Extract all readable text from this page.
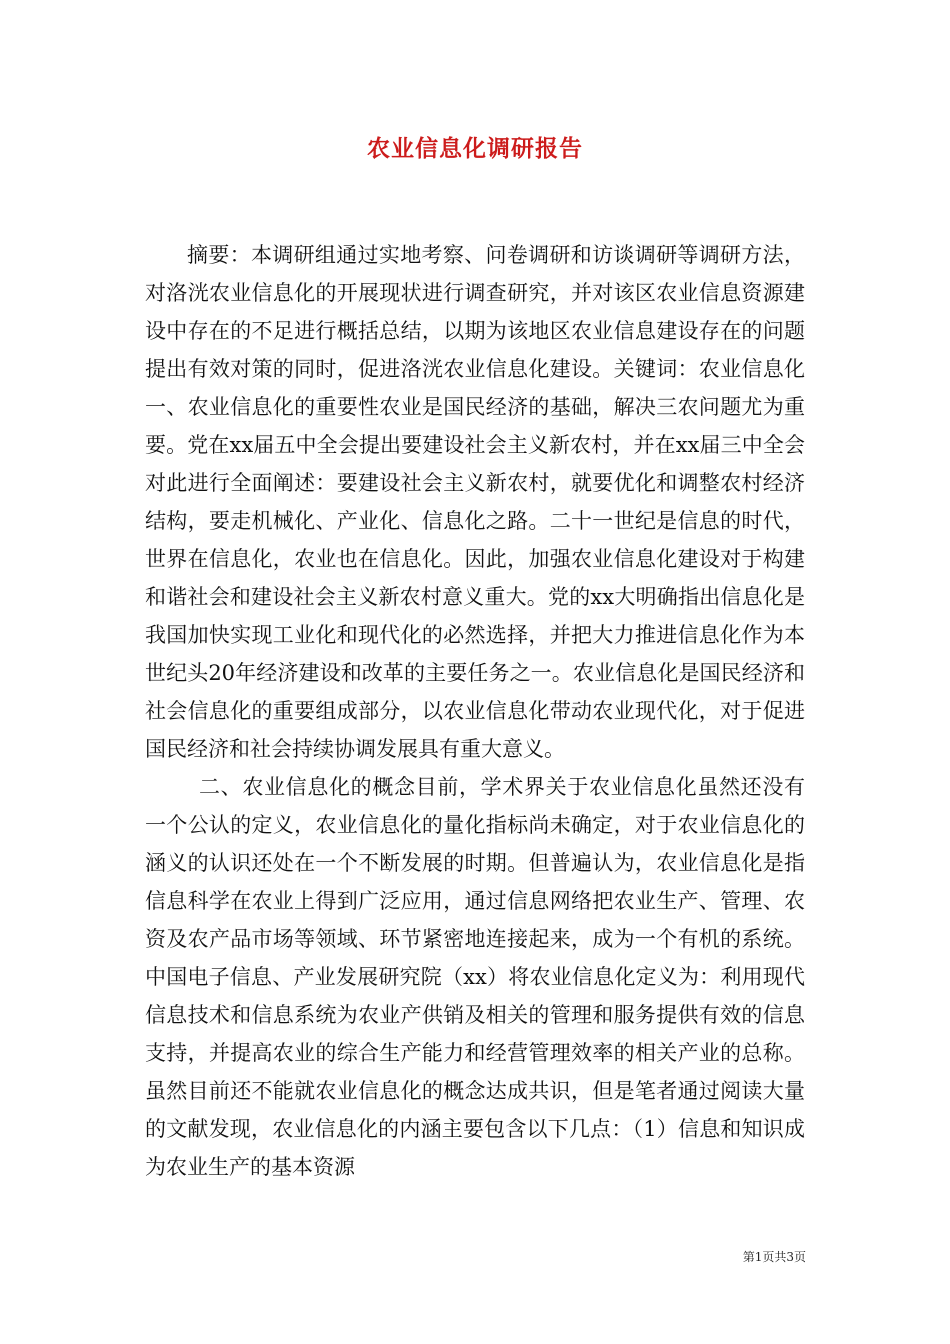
农业信息化调研报告

摘要：本调研组通过实地考察、问卷调研和访谈调研等调研方法，对洛洸农业信息化的开展现状进行调查研究，并对该区农业信息资源建设中存在的不足进行概括总结，以期为该地区农业信息建设存在的问题提出有效对策的同时，促进洛洸农业信息化建设。关键词：农业信息化一、农业信息化的重要性农业是国民经济的基础，解决三农问题尤为重要。党在xx届五中全会提出要建设社会主义新农村，并在xx届三中全会对此进行全面阐述：要建设社会主义新农村，就要优化和调整农村经济结构，要走机械化、产业化、信息化之路。二十一世纪是信息的时代，世界在信息化，农业也在信息化。因此，加强农业信息化建设对于构建和谐社会和建设社会主义新农村意义重大。党的xx大明确指出信息化是我国加快实现工业化和现代化的必然选择，并把大力推进信息化作为本世纪头20年经济建设和改革的主要任务之一。农业信息化是国民经济和社会信息化的重要组成部分，以农业信息化带动农业现代化，对于促进国民经济和社会持续协调发展具有重大意义。

二、农业信息化的概念目前，学术界关于农业信息化虽然还没有一个公认的定义，农业信息化的量化指标尚未确定，对于农业信息化的涵义的认识还处在一个不断发展的时期。但普遍认为，农业信息化是指信息科学在农业上得到广泛应用，通过信息网络把农业生产、管理、农资及农产品市场等领域、环节紧密地连接起来，成为一个有机的系统。中国电子信息、产业发展研究院（xx）将农业信息化定义为：利用现代信息技术和信息系统为农业产供销及相关的管理和服务提供有效的信息支持，并提高农业的综合生产能力和经营管理效率的相关产业的总称。虽然目前还不能就农业信息化的概念达成共识，但是笔者通过阅读大量的文献发现，农业信息化的内涵主要包含以下几点：（1）信息和知识成为农业生产的基本资源

第1页共3页
